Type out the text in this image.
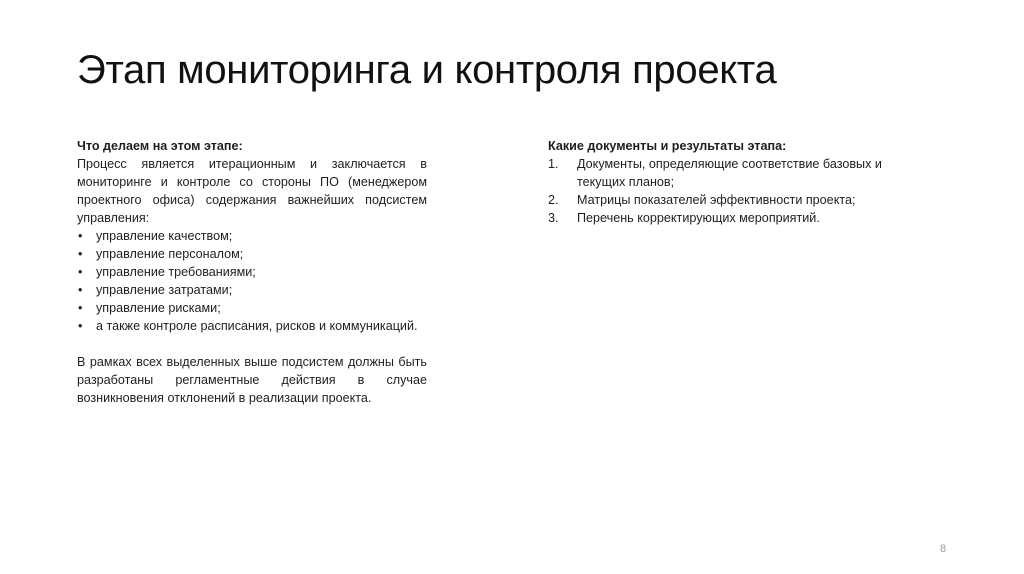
Этап мониторинга и контроля проекта

Что делаем на этом этапе:

Процесс является итерационным и заключается в мониторинге и контроле со стороны ПО (менеджером проектного офиса) содержания важнейших подсистем управления:

• управление качеством;
• управление персоналом;
• управление требованиями;
• управление затратами;
• управление рисками;
• а также контроле расписания, рисков и коммуникаций.

В рамках всех выделенных выше подсистем должны быть разработаны регламентные действия в случае возникновения отклонений в реализации проекта.

Какие документы и результаты этапа:

1. Документы, определяющие соответствие базовых и текущих планов;
2. Матрицы показателей эффективности проекта;
3. Перечень корректирующих мероприятий.
8
